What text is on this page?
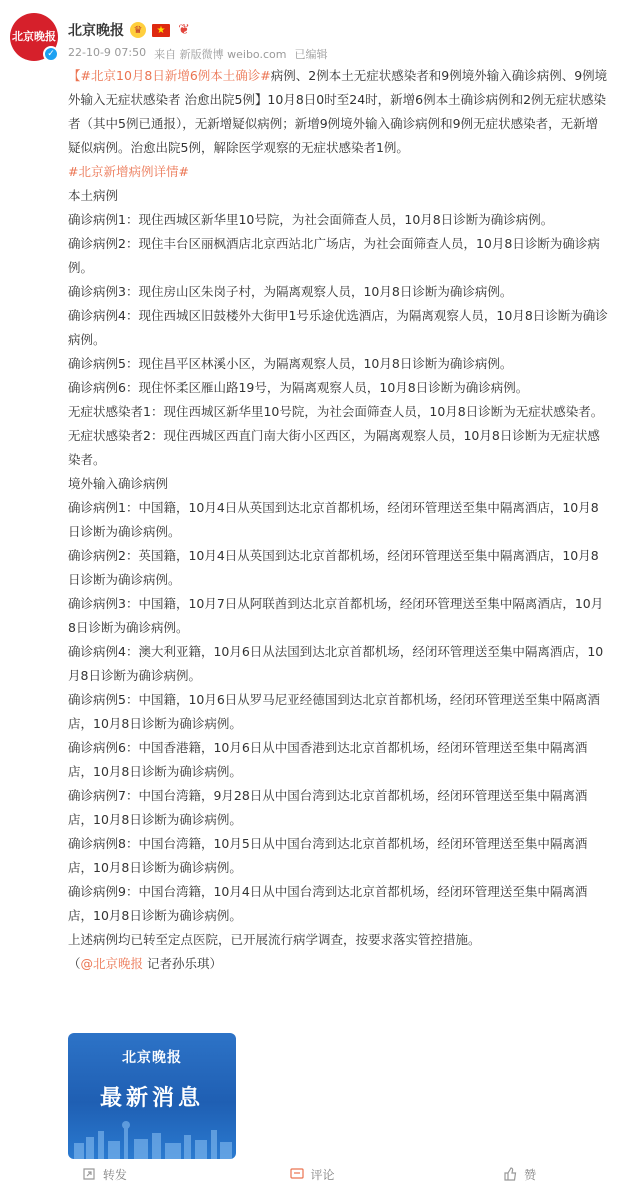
北京晚报
✓
北京晚报 ♛	★ ❦
22-10-9 07:50 来自 新版微博 weibo.com 已编辑

【#北京10月8日新增6例本土确诊#病例、2例本土无症状感染者和9例境外输入确诊病例、9例境外输入无症状感染者 治愈出院5例】10月8日0时至24时，新增6例本土确诊病例和2例无症状感染者（其中5例已通报），无新增疑似病例；新增9例境外输入确诊病例和9例无症状感染者，无新增疑似病例。治愈出院5例，解除医学观察的无症状感染者1例。

#北京新增病例详情#

本土病例

确诊病例1：现住西城区新华里10号院，为社会面筛查人员，10月8日诊断为确诊病例。

确诊病例2：现住丰台区丽枫酒店北京西站北广场店，为社会面筛查人员，10月8日诊断为确诊病例。

确诊病例3：现住房山区朱岗子村，为隔离观察人员，10月8日诊断为确诊病例。

确诊病例4：现住西城区旧鼓楼外大街甲1号乐途优选酒店，为隔离观察人员，10月8日诊断为确诊病例。

确诊病例5：现住昌平区林溪小区，为隔离观察人员，10月8日诊断为确诊病例。

确诊病例6：现住怀柔区雁山路19号，为隔离观察人员，10月8日诊断为确诊病例。

无症状感染者1：现住西城区新华里10号院，为社会面筛查人员，10月8日诊断为无症状感染者。

无症状感染者2：现住西城区西直门南大街小区西区，为隔离观察人员，10月8日诊断为无症状感染者。

境外输入确诊病例

确诊病例1：中国籍，10月4日从英国到达北京首都机场，经闭环管理送至集中隔离酒店，10月8日诊断为确诊病例。

确诊病例2：英国籍，10月4日从英国到达北京首都机场，经闭环管理送至集中隔离酒店，10月8日诊断为确诊病例。

确诊病例3：中国籍，10月7日从阿联酋到达北京首都机场，经闭环管理送至集中隔离酒店，10月8日诊断为确诊病例。

确诊病例4：澳大利亚籍，10月6日从法国到达北京首都机场，经闭环管理送至集中隔离酒店，10月8日诊断为确诊病例。

确诊病例5：中国籍，10月6日从罗马尼亚经德国到达北京首都机场，经闭环管理送至集中隔离酒店，10月8日诊断为确诊病例。

确诊病例6：中国香港籍，10月6日从中国香港到达北京首都机场，经闭环管理送至集中隔离酒店，10月8日诊断为确诊病例。

确诊病例7：中国台湾籍，9月28日从中国台湾到达北京首都机场，经闭环管理送至集中隔离酒店，10月8日诊断为确诊病例。

确诊病例8：中国台湾籍，10月5日从中国台湾到达北京首都机场，经闭环管理送至集中隔离酒店，10月8日诊断为确诊病例。

确诊病例9：中国台湾籍，10月4日从中国台湾到达北京首都机场，经闭环管理送至集中隔离酒店，10月8日诊断为确诊病例。

上述病例均已转至定点医院，已开展流行病学调查，按要求落实管控措施。

（@北京晚报 记者孙乐琪）

北京晚报
最新消息
转发	评论	赞
